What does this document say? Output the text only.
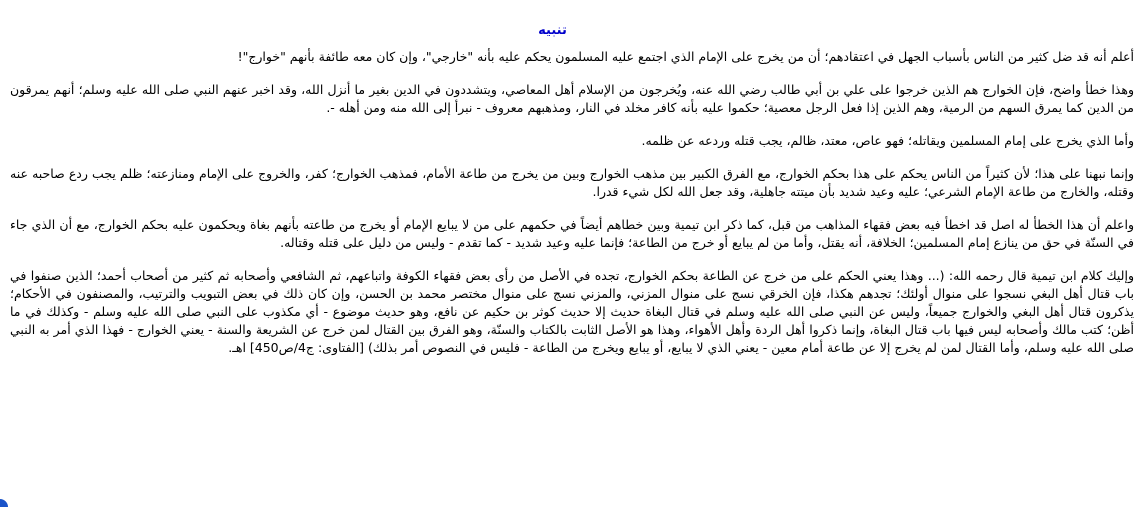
تنبيه

أعلم أنه قد ضل كثير من الناس بأسباب الجهل في اعتقادهم؛ أن من يخرج على الإمام الذي اجتمع عليه المسلمون يحكم عليه بأنه "خارجي"، وإن كان معه طائفة بأنهم "خوارج"!

وهذا خطأ واضح، فإن الخوارج هم الذين خرجوا على علي بن أبي طالب رضي الله عنه، ويُخرجون من الإسلام أهل المعاصي، ويتشددون في الدين بغير ما أنزل الله، وقد اخبر عنهم النبي صلى الله عليه وسلم؛ أنهم يمرقون من الدين كما يمرق السهم من الرمية، وهم الذين إذا فعل الرجل معصية؛ حكموا عليه بأنه كافر مخلد في النار، ومذهبهم معروف - نبرأ إلى الله منه ومن أهله -.

وأما الذي يخرج على إمام المسلمين ويقاتله؛ فهو عاص، معتد، ظالم، يجب قتله وردعه عن ظلمه.

وإنما نبهنا على هذا؛ لأن كثيراً من الناس يحكم على هذا بحكم الخوارج، مع الفرق الكبير بين مذهب الخوارج وبين من يخرج من طاعة الأمام، فمذهب الخوارج؛ كفر، والخروج على الإمام ومنازعته؛ ظلم يجب ردع صاحبه عنه وقتله، والخارج من طاعة الإمام الشرعي؛ عليه وعيد شديد بأن ميتته جاهلية، وقد جعل الله لكل شيء قدرا.

واعلم أن هذا الخطأ له اصل قد اخطأ فيه بعض فقهاء المذاهب من قبل، كما ذكر ابن تيمية وبين خطاهم أيضاً في حكمهم على من لا يبايع الإمام أو يخرج من طاعته بأنهم بغاة ويحكمون عليه بحكم الخوارج، مع أن الذي جاء في السنّة في حق من ينازع إمام المسلمين؛ الخلافة، أنه يقتل، وأما من لم يبايع أو خرج من الطاعة؛ فإنما عليه وعيد شديد - كما تقدم - وليس من دليل على قتله وقتاله.

وإليك كلام ابن تيمية قال رحمه الله: (... وهذا يعني الحكم على من خرج عن الطاعة بحكم الخوارج، تجده في الأصل من رأى بعض فقهاء الكوفة واتباعهم، ثم الشافعي وأصحابه ثم كثير من أصحاب أحمد؛ الذين صنفوا في باب قتال أهل البغي نسجوا على منوال أولئك؛ تجدهم هكذا، فإن الخرقي نسج على منوال المزني، والمزني نسج على منوال مختصر محمد بن الحسن، وإن كان ذلك في بعض التبويب والترتيب، والمصنفون في الأحكام؛ يذكرون قتال أهل البغي والخوارج جميعاً، وليس عن النبي صلى الله عليه وسلم في قتال البغاة حديث إلا حديث كوثر بن حكيم عن نافع، وهو حديث موضوع - أي مكذوب على النبي صلى الله عليه وسلم - وكذلك في ما أظن؛ كتب مالك وأصحابه ليس فيها باب قتال البغاة، وإنما ذكروا أهل الردة وأهل الأهواء، وهذا هو الأصل الثابت بالكتاب والسنّة، وهو الفرق بين القتال لمن خرج عن الشريعة والسنة - يعني الخوارج - فهذا الذي أمر به النبي صلى الله عليه وسلم، وأما القتال لمن لم يخرج إلا عن طاعة أمام معين - يعني الذي لا يبايع، أو يبايع ويخرج من الطاعة - فليس في النصوص أمر بذلك) [الفتاوى: ج4/ص450] اهـ.
